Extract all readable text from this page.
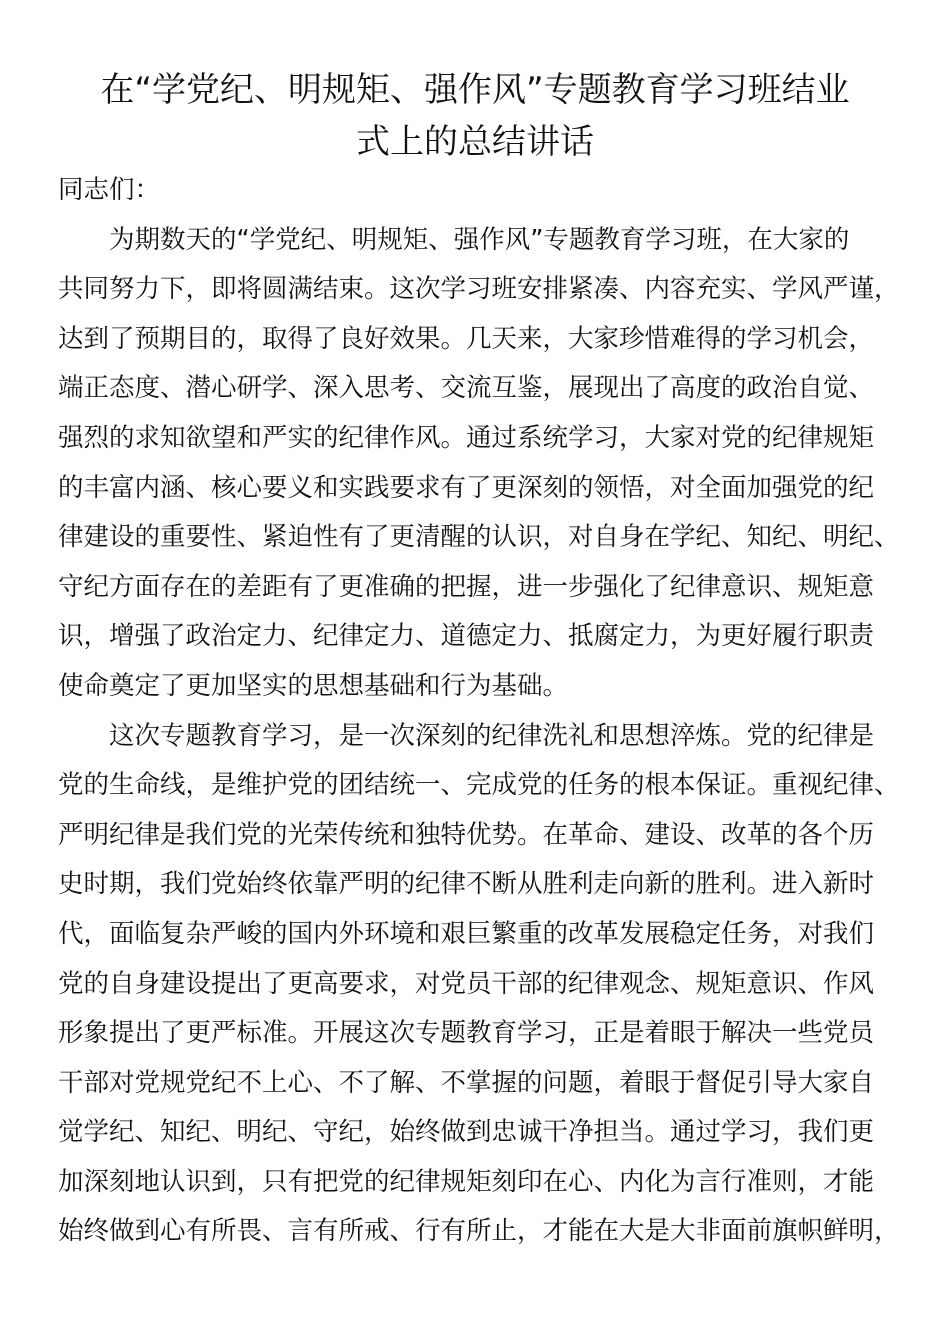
在“学党纪、明规矩、强作风”专题教育学习班结业
式上的总结讲话
同志们：
为期数天的“学党纪、明规矩、强作风”专题教育学习班，在大家的
共同努力下，即将圆满结束。这次学习班安排紧凑、内容充实、学风严谨，
达到了预期目的，取得了良好效果。几天来，大家珍惜难得的学习机会，
端正态度、潜心研学、深入思考、交流互鉴，展现出了高度的政治自觉、
强烈的求知欲望和严实的纪律作风。通过系统学习，大家对党的纪律规矩
的丰富内涵、核心要义和实践要求有了更深刻的领悟，对全面加强党的纪
律建设的重要性、紧迫性有了更清醒的认识，对自身在学纪、知纪、明纪、
守纪方面存在的差距有了更准确的把握，进一步强化了纪律意识、规矩意
识，增强了政治定力、纪律定力、道德定力、抵腐定力，为更好履行职责
使命奠定了更加坚实的思想基础和行为基础。
这次专题教育学习，是一次深刻的纪律洗礼和思想淬炼。党的纪律是
党的生命线，是维护党的团结统一、完成党的任务的根本保证。重视纪律、
严明纪律是我们党的光荣传统和独特优势。在革命、建设、改革的各个历
史时期，我们党始终依靠严明的纪律不断从胜利走向新的胜利。进入新时
代，面临复杂严峻的国内外环境和艰巨繁重的改革发展稳定任务，对我们
党的自身建设提出了更高要求，对党员干部的纪律观念、规矩意识、作风
形象提出了更严标准。开展这次专题教育学习，正是着眼于解决一些党员
干部对党规党纪不上心、不了解、不掌握的问题，着眼于督促引导大家自
觉学纪、知纪、明纪、守纪，始终做到忠诚干净担当。通过学习，我们更
加深刻地认识到，只有把党的纪律规矩刻印在心、内化为言行准则，才能
始终做到心有所畏、言有所戒、行有所止，才能在大是大非面前旗帜鲜明，
